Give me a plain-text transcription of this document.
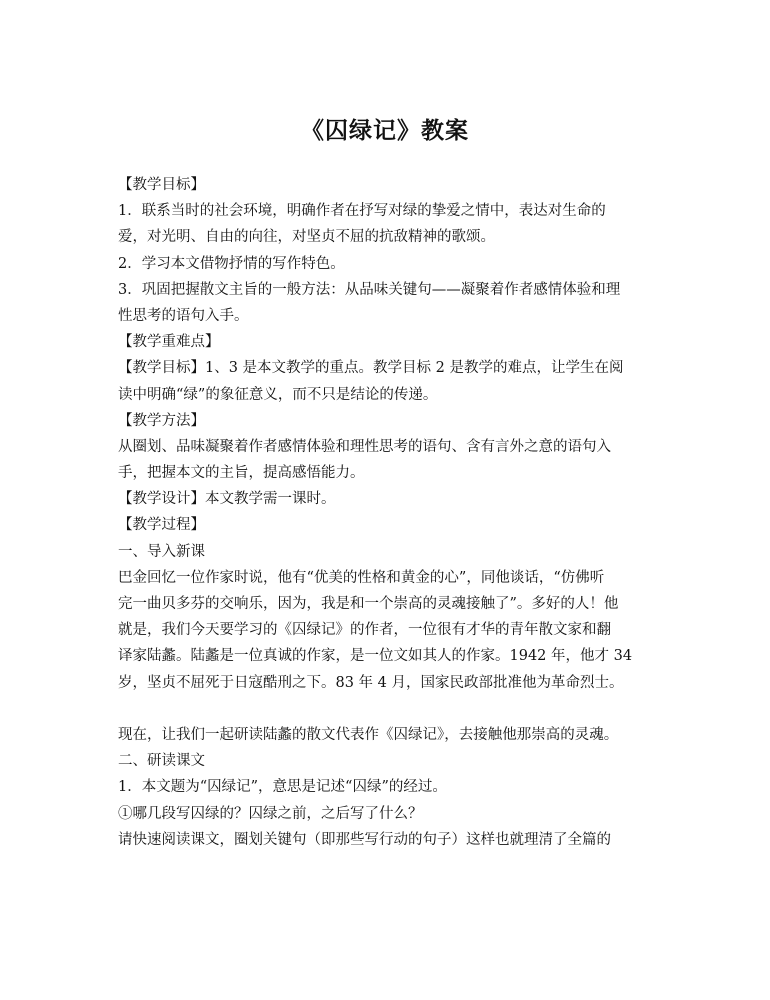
《囚绿记》教案
【教学目标】
1．联系当时的社会环境，明确作者在抒写对绿的挚爱之情中，表达对生命的
爱，对光明、自由的向往，对坚贞不屈的抗敌精神的歌颂。
2．学习本文借物抒情的写作特色。
3．巩固把握散文主旨的一般方法：从品味关键句——凝聚着作者感情体验和理
性思考的语句入手。
【教学重难点】
【教学目标】1、3 是本文教学的重点。教学目标 2 是教学的难点，让学生在阅
读中明确“绿”的象征意义，而不只是结论的传递。
【教学方法】
从圈划、品味凝聚着作者感情体验和理性思考的语句、含有言外之意的语句入
手，把握本文的主旨，提高感悟能力。
【教学设计】本文教学需一课时。
【教学过程】
一、导入新课
巴金回忆一位作家时说，他有“优美的性格和黄金的心”，同他谈话，“仿佛听
完一曲贝多芬的交响乐，因为，我是和一个崇高的灵魂接触了”。多好的人！他
就是，我们今天要学习的《囚绿记》的作者，一位很有才华的青年散文家和翻
译家陆蠡。陆蠡是一位真诚的作家，是一位文如其人的作家。1942 年，他才 34
岁，坚贞不屈死于日寇酷刑之下。83 年 4 月，国家民政部批准他为革命烈士。
现在，让我们一起研读陆蠡的散文代表作《囚绿记》，去接触他那崇高的灵魂。
二、研读课文
1．本文题为“囚绿记”，意思是记述“囚绿”的经过。
①哪几段写囚绿的？囚绿之前，之后写了什么？
请快速阅读课文，圈划关键句（即那些写行动的句子）这样也就理清了全篇的
